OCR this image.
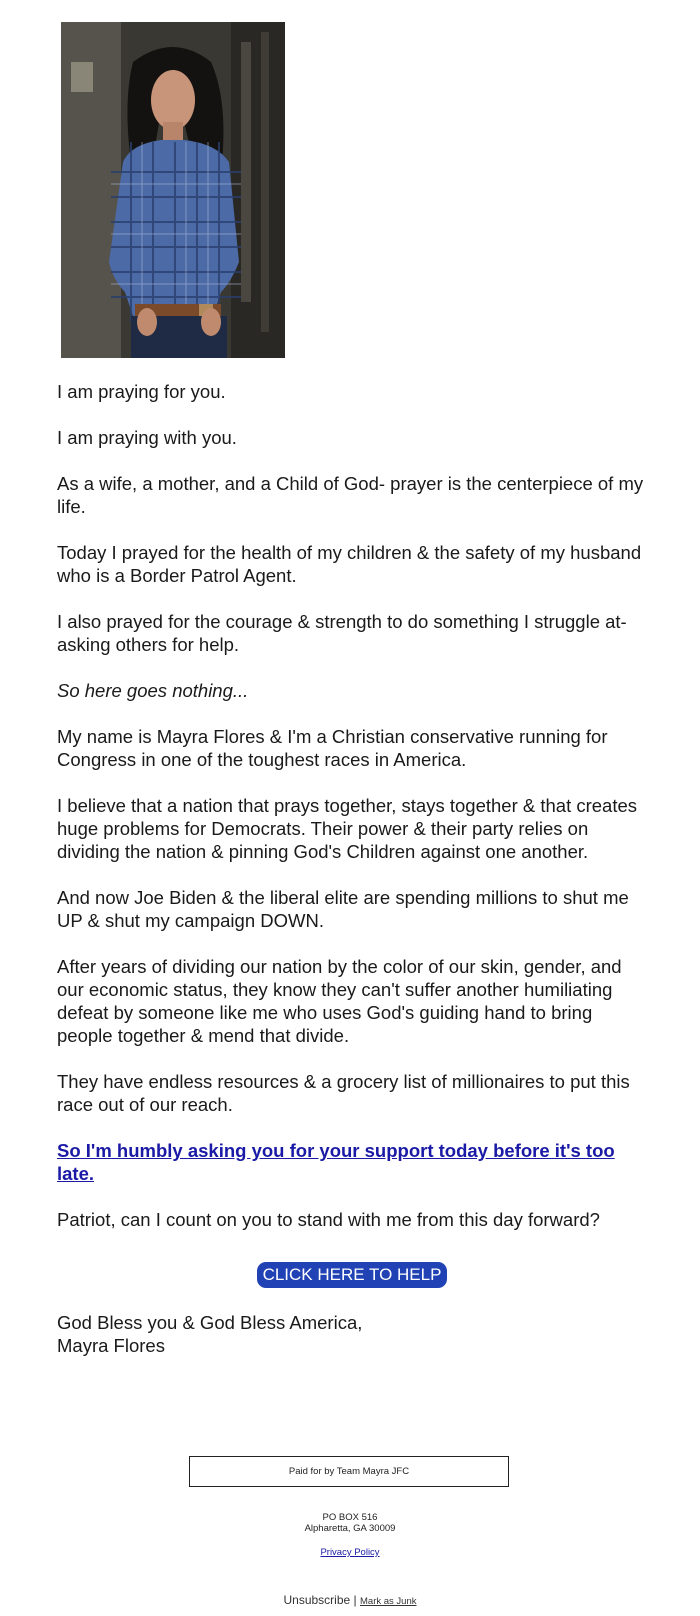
I am praying for you.

I am praying with you.

As a wife, a mother, and a Child of God- prayer is the centerpiece of my life.

Today I prayed for the health of my children & the safety of my husband who is a Border Patrol Agent.

I also prayed for the courage & strength to do something I struggle at- asking others for help.

So here goes nothing...

My name is Mayra Flores & I'm a Christian conservative running for Congress in one of the toughest races in America.

I believe that a nation that prays together, stays together & that creates huge problems for Democrats. Their power & their party relies on dividing the nation & pinning God's Children against one another.

And now Joe Biden & the liberal elite are spending millions to shut me UP & shut my campaign DOWN.

After years of dividing our nation by the color of our skin, gender, and our economic status, they know they can't suffer another humiliating defeat by someone like me who uses God's guiding hand to bring people together & mend that divide.

They have endless resources & a grocery list of millionaires to put this race out of our reach.

So I'm humbly asking you for your support today before it's too late.

Patriot, can I count on you to stand with me from this day forward?

CLICK HERE TO HELP
God Bless you & God Bless America,
Mayra Flores
Paid for by Team Mayra JFC
PO BOX 516
Alpharetta, GA 30009
Privacy Policy
Unsubscribe | Mark as Junk
